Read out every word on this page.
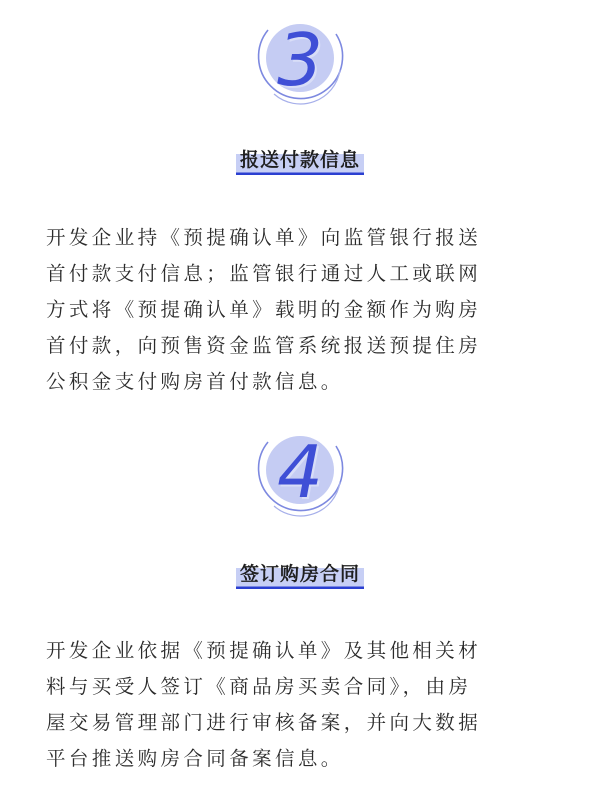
3
报送付款信息
开发企业持《预提确认单》向监管银行报送
首付款支付信息；监管银行通过人工或联网
方式将《预提确认单》载明的金额作为购房
首付款，向预售资金监管系统报送预提住房
公积金支付购房首付款信息。
4
签订购房合同
开发企业依据《预提确认单》及其他相关材
料与买受人签订《商品房买卖合同》，由房
屋交易管理部门进行审核备案，并向大数据
平台推送购房合同备案信息。
